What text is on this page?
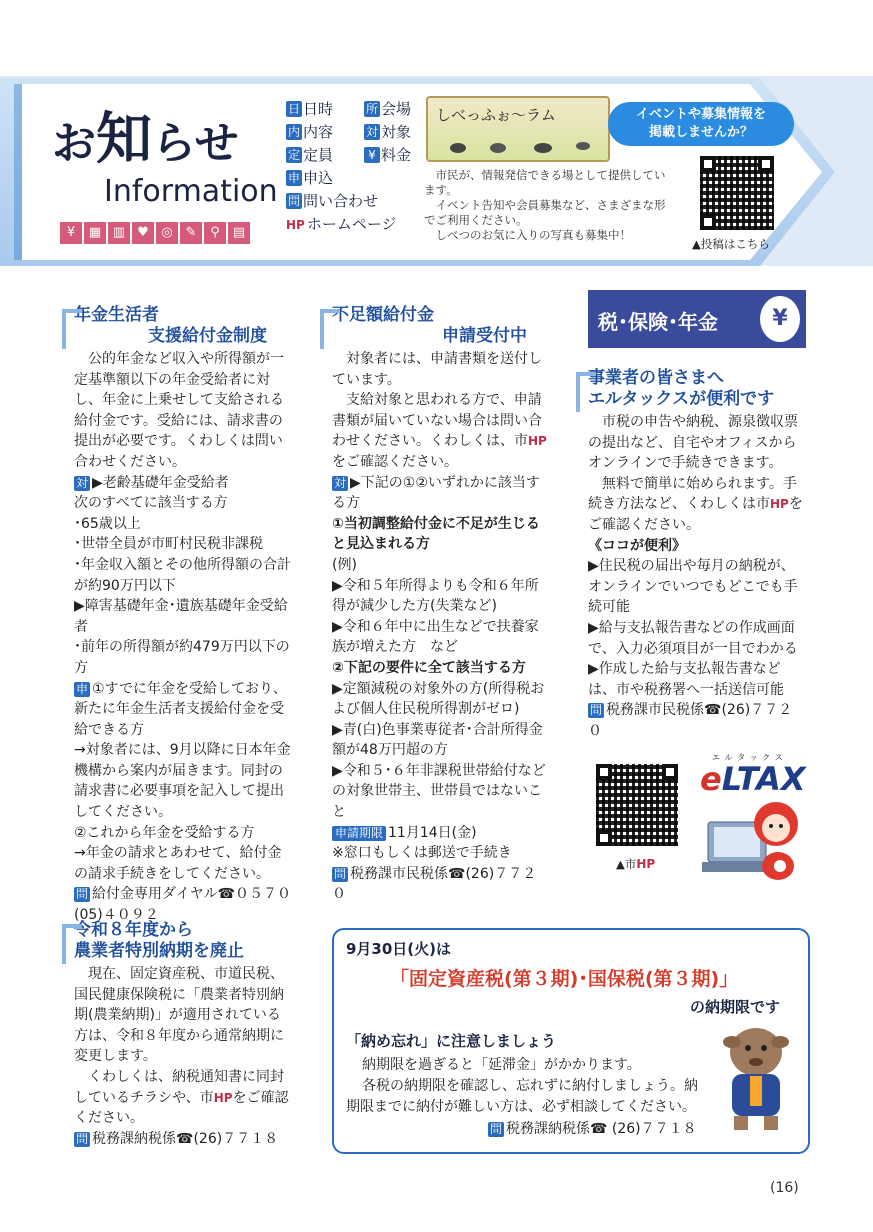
お知らせ
Information
¥	▦ ▥ ♥ ◎ ✎	⚲	▤
日 日時	所 会場
内 内容	対 対象
定 定員	¥ 料金
申 申込
問 問い合わせ
HP ホームページ
しべっふぉ～ラム
　市民が、情報発信できる場として提供しています。
　イベント告知や会員募集など、さまざまな形でご利用ください。
　しべつのお気に入りの写真も募集中！
イベントや募集情報を
掲載しませんか？
▲投稿はこちら
年金生活者
支援給付金制度

　公的年金など収入や所得額が一定基準額以下の年金受給者に対し、年金に上乗せして支給される給付金です。受給には、請求書の提出が必要です。くわしくは問い合わせください。

対 ▶老齢基礎年金受給者

次のすべてに該当する方

･65歳以上

･世帯全員が市町村民税非課税

･年金収入額とその他所得額の合計が約90万円以下

▶障害基礎年金･遺族基礎年金受給者

･前年の所得額が約479万円以下の方

申 ①すでに年金を受給しており、新たに年金生活者支援給付金を受給できる方

→対象者には、9月以降に日本年金機構から案内が届きます。同封の請求書に必要事項を記入して提出してください。

②これから年金を受給する方

→年金の請求とあわせて、給付金の請求手続きをしてください。

問 給付金専用ダイヤル☎０５７０(05)４０９２

令和８年度から
農業者特別納期を廃止

　現在、固定資産税、市道民税、国民健康保険税に「農業者特別納期(農業納期)」が適用されている方は、令和８年度から通常納期に変更します。

　くわしくは、納税通知書に同封しているチラシや、市HPをご確認ください。

問 税務課納税係☎(26)７７１８

不足額給付金
申請受付中

　対象者には、申請書類を送付しています。

　支給対象と思われる方で、申請書類が届いていない場合は問い合わせください。くわしくは、市HPをご確認ください。

対 ▶下記の①②いずれかに該当する方

①当初調整給付金に不足が生じると見込まれる方

(例)

▶令和５年所得よりも令和６年所得が減少した方(失業など)

▶令和６年中に出生などで扶養家族が増えた方　など

②下記の要件に全て該当する方

▶定額減税の対象外の方(所得税および個人住民税所得割がゼロ)

▶青(白)色事業専従者･合計所得金額が48万円超の方

▶令和５･６年非課税世帯給付などの対象世帯主、世帯員ではないこと

申請期限 11月14日(金)

※窓口もしくは郵送で手続き

問 税務課市民税係☎(26)７７２０

税･保険･年金	¥
事業者の皆さまへ
エルタックスが便利です

　市税の申告や納税、源泉徴収票の提出など、自宅やオフィスからオンラインで手続きできます。

　無料で簡単に始められます。手続き方法など、くわしくは市HPをご確認ください。

《ココが便利》

▶住民税の届出や毎月の納税が、オンラインでいつでもどこでも手続可能

▶給与支払報告書などの作成画面で、入力必須項目が一目でわかる

▶作成した給与支払報告書などは、市や税務署へ一括送信可能

問 税務課市民税係☎(26)７７２０

▲市HP
エ ル タ ッ ク ス
eLTAX
9月30日(火)は
「固定資産税(第３期)･国保税(第３期)」
の納期限です
「納め忘れ」に注意しましょう
納期限を過ぎると「延滞金」がかかります。
各税の納期限を確認し、忘れずに納付しましょう。納期限までに納付が難しい方は、必ず相談してください。
問 税務課納税係☎ (26)７７１８
(16)
